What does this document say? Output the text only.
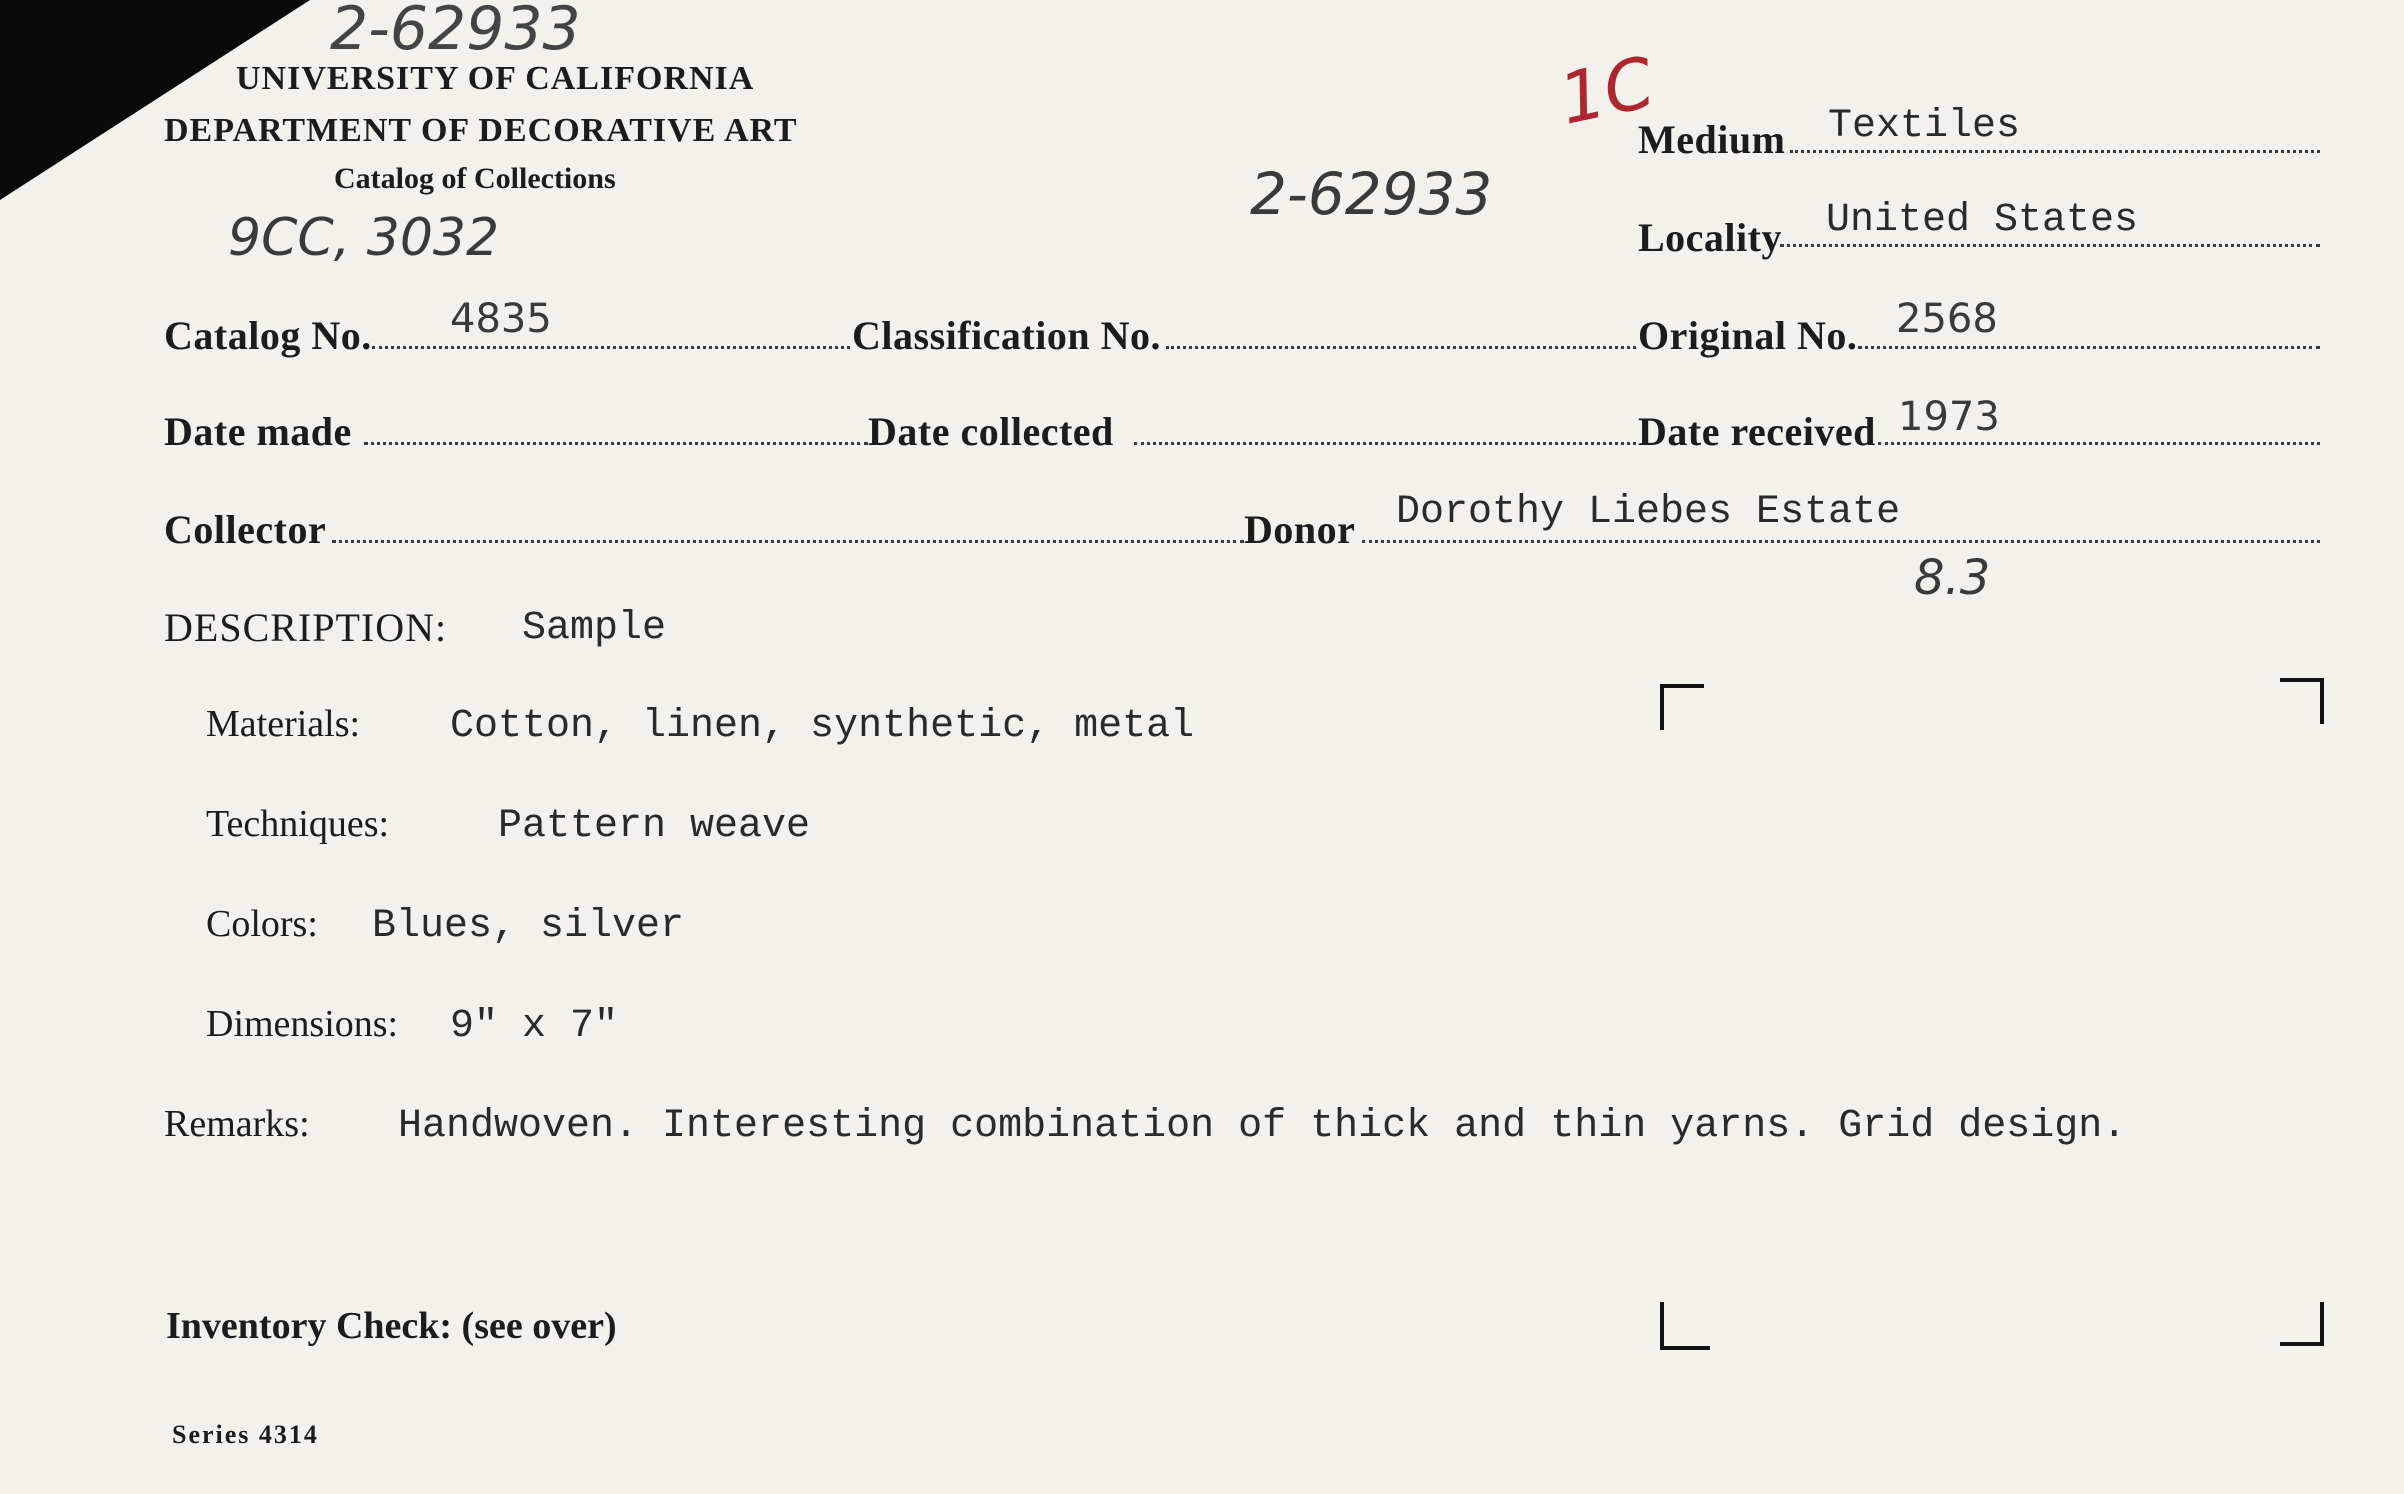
2-62933
UNIVERSITY OF CALIFORNIA
DEPARTMENT OF DECORATIVE ART
Catalog of Collections
9CC, 3032
2-62933
1C
Medium Textiles
Locality United States
Catalog No. 4835	Classification No.	Original No. 2568
Date made	Date collected	Date received 1973
Collector	Donor Dorothy Liebes Estate
8.3
DESCRIPTION: Sample
Materials: Cotton, linen, synthetic, metal
Techniques:	Pattern weave
Colors: Blues, silver
Dimensions: 9" x 7"
Remarks: Handwoven. Interesting combination of thick and thin yarns. Grid design.
Inventory Check: (see over)
Series 4314
